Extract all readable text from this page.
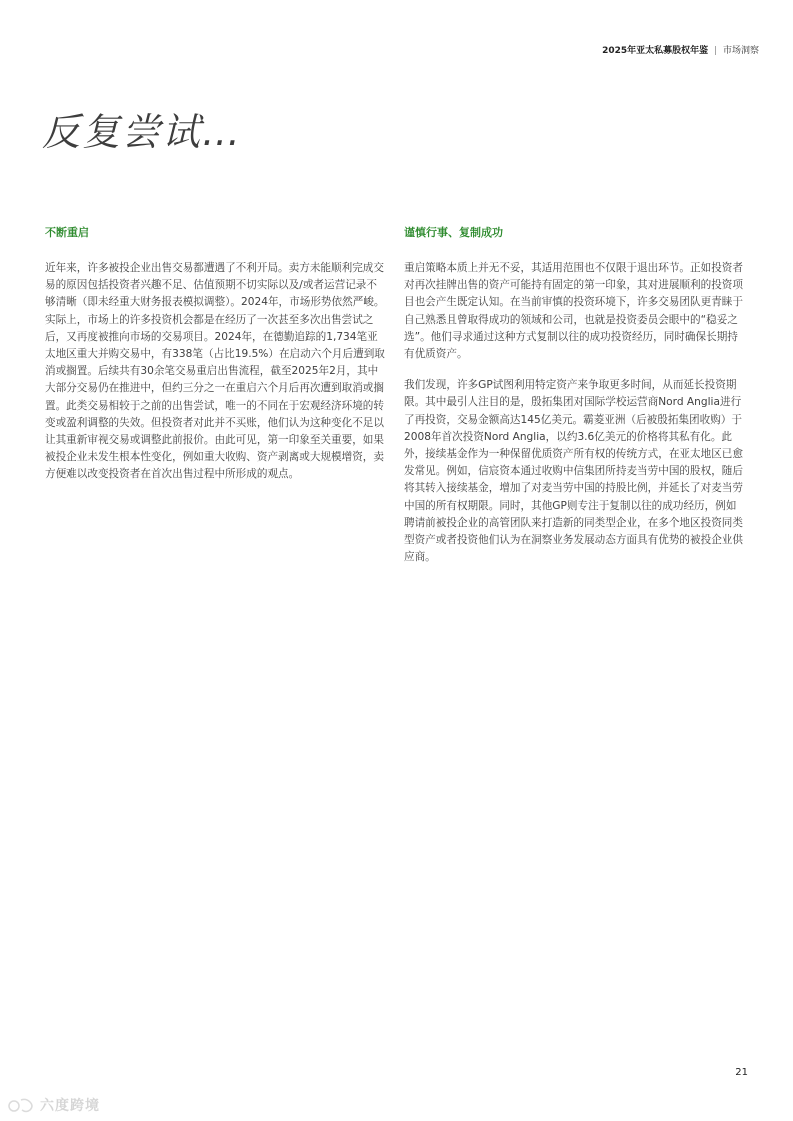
2025年亚太私募股权年鉴 | 市场洞察
反复尝试…
不断重启

近年来，许多被投企业出售交易都遭遇了不利开局。卖方未能顺利完成交易的原因包括投资者兴趣不足、估值预期不切实际以及/或者运营记录不够清晰（即未经重大财务报表模拟调整）。2024年，市场形势依然严峻。实际上，市场上的许多投资机会都是在经历了一次甚至多次出售尝试之后，又再度被推向市场的交易项目。2024年，在德勤追踪的1,734笔亚太地区重大并购交易中，有338笔（占比19.5%）在启动六个月后遭到取消或搁置。后续共有30余笔交易重启出售流程，截至2025年2月，其中大部分交易仍在推进中，但约三分之一在重启六个月后再次遭到取消或搁置。此类交易相较于之前的出售尝试，唯一的不同在于宏观经济环境的转变或盈利调整的失效。但投资者对此并不买账，他们认为这种变化不足以让其重新审视交易或调整此前报价。由此可见，第一印象至关重要，如果被投企业未发生根本性变化，例如重大收购、资产剥离或大规模增资，卖方便难以改变投资者在首次出售过程中所形成的观点。

谨慎行事、复制成功

重启策略本质上并无不妥，其适用范围也不仅限于退出环节。正如投资者对再次挂牌出售的资产可能持有固定的第一印象，其对进展顺利的投资项目也会产生既定认知。在当前审慎的投资环境下，许多交易团队更青睐于自己熟悉且曾取得成功的领域和公司，也就是投资委员会眼中的“稳妥之选”。他们寻求通过这种方式复制以往的成功投资经历，同时确保长期持有优质资产。

我们发现，许多GP试图利用特定资产来争取更多时间，从而延长投资期限。其中最引人注目的是，殷拓集团对国际学校运营商Nord Anglia进行了再投资，交易金额高达145亿美元。霸菱亚洲（后被殷拓集团收购）于2008年首次投资Nord Anglia，以约3.6亿美元的价格将其私有化。此外，接续基金作为一种保留优质资产所有权的传统方式，在亚太地区已愈发常见。例如，信宸资本通过收购中信集团所持麦当劳中国的股权，随后将其转入接续基金，增加了对麦当劳中国的持股比例，并延长了对麦当劳中国的所有权期限。同时，其他GP则专注于复制以往的成功经历，例如聘请前被投企业的高管团队来打造新的同类型企业，在多个地区投资同类型资产或者投资他们认为在洞察业务发展动态方面具有优势的被投企业供应商。

21
六度跨境
